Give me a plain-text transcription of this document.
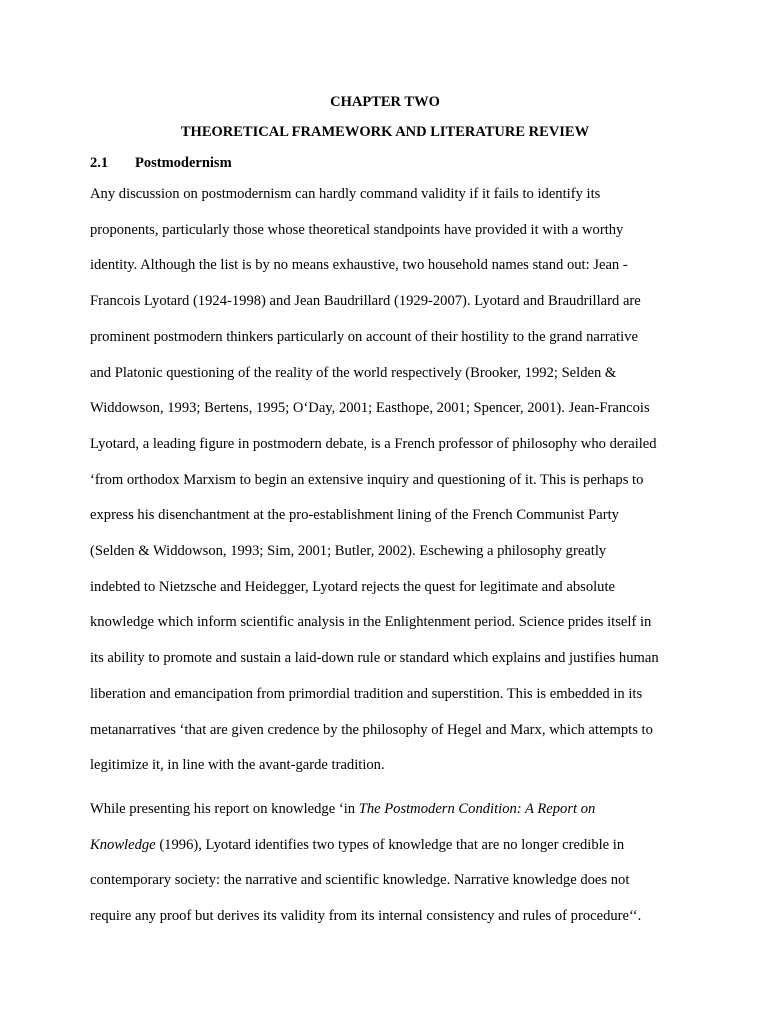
CHAPTER TWO
THEORETICAL FRAMEWORK AND LITERATURE REVIEW
2.1 Postmodernism

Any discussion on postmodernism can hardly command validity if it fails to identify its
proponents, particularly those whose theoretical standpoints have provided it with a worthy
identity. Although the list is by no means exhaustive, two household names stand out: Jean -
Francois Lyotard (1924-1998) and Jean Baudrillard (1929-2007). Lyotard and Braudrillard are
prominent postmodern thinkers particularly on account of their hostility to the grand narrative
and Platonic questioning of the reality of the world respectively (Brooker, 1992; Selden &
Widdowson, 1993; Bertens, 1995; O‘Day, 2001; Easthope, 2001; Spencer, 2001). Jean-Francois
Lyotard, a leading figure in postmodern debate, is a French professor of philosophy who derailed
‘from orthodox Marxism to begin an extensive inquiry and questioning of it. This is perhaps to
express his disenchantment at the pro-establishment lining of the French Communist Party
(Selden & Widdowson, 1993; Sim, 2001; Butler, 2002). Eschewing a philosophy greatly
indebted to Nietzsche and Heidegger, Lyotard rejects the quest for legitimate and absolute
knowledge which inform scientific analysis in the Enlightenment period. Science prides itself in
its ability to promote and sustain a laid-down rule or standard which explains and justifies human
liberation and emancipation from primordial tradition and superstition. This is embedded in its
metanarratives ‘that are given credence by the philosophy of Hegel and Marx, which attempts to
legitimize it, in line with the avant-garde tradition.

While presenting his report on knowledge ‘in The Postmodern Condition: A Report on
Knowledge (1996), Lyotard identifies two types of knowledge that are no longer credible in
contemporary society: the narrative and scientific knowledge. Narrative knowledge does not
require any proof but derives its validity from its internal consistency and rules of procedure‘‘.
